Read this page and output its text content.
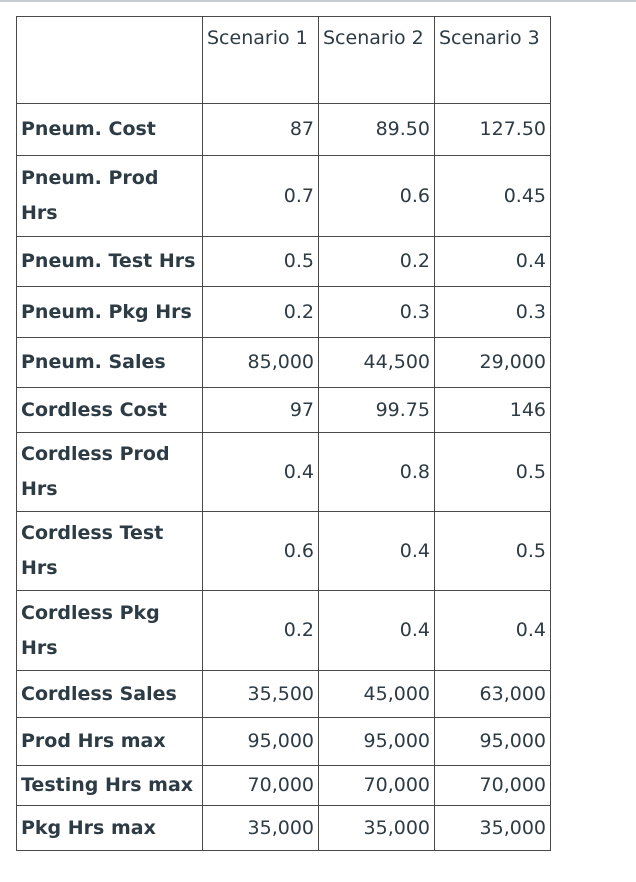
	Scenario 1	Scenario 2	Scenario 3
Pneum. Cost	87	89.50	127.50
Pneum. Prod Hrs	0.7	0.6	0.45
Pneum. Test Hrs	0.5	0.2	0.4
Pneum. Pkg Hrs	0.2	0.3	0.3
Pneum. Sales	85,000	44,500	29,000
Cordless Cost	97	99.75	146
Cordless Prod Hrs	0.4	0.8	0.5
Cordless Test Hrs	0.6	0.4	0.5
Cordless Pkg Hrs	0.2	0.4	0.4
Cordless Sales	35,500	45,000	63,000
Prod Hrs max	95,000	95,000	95,000
Testing Hrs max	70,000	70,000	70,000
Pkg Hrs max	35,000	35,000	35,000
